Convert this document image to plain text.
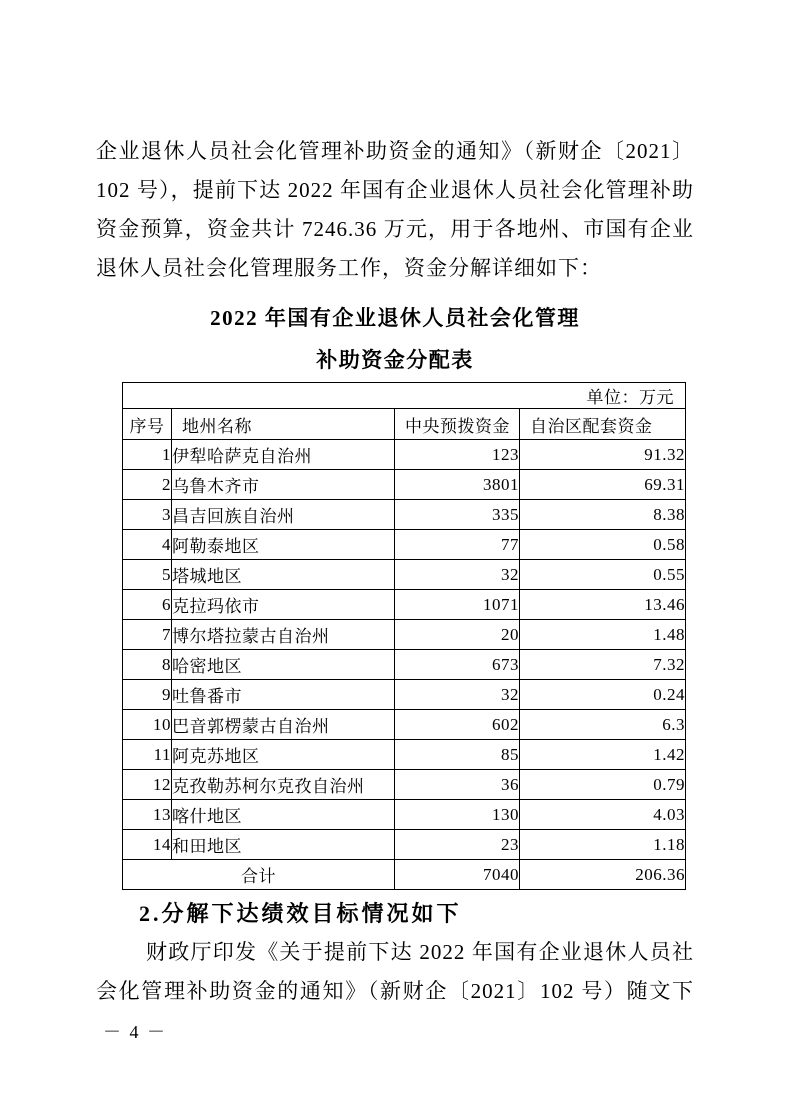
企业退休人员社会化管理补助资金的通知》（新财企〔2021〕
102 号），提前下达 2022 年国有企业退休人员社会化管理补助
资金预算，资金共计 7246.36 万元，用于各地州、市国有企业
退休人员社会化管理服务工作，资金分解详细如下：
2022 年国有企业退休人员社会化管理
补助资金分配表
单位：万元			
序号	地州名称	中央预拨资金	自治区配套资金
1	伊犁哈萨克自治州	123	91.32
2	乌鲁木齐市	3801	69.31
3	昌吉回族自治州	335	8.38
4	阿勒泰地区	77	0.58
5	塔城地区	32	0.55
6	克拉玛依市	1071	13.46
7	博尔塔拉蒙古自治州	20	1.48
8	哈密地区	673	7.32
9	吐鲁番市	32	0.24
10	巴音郭楞蒙古自治州	602	6.3
11	阿克苏地区	85	1.42
12	克孜勒苏柯尔克孜自治州	36	0.79
13	喀什地区	130	4.03
14	和田地区	23	1.18
合计		7040	206.36
2.分解下达绩效目标情况如下
财政厅印发《关于提前下达 2022 年国有企业退休人员社
会化管理补助资金的通知》（新财企〔2021〕102 号）随文下
－ 4 －
